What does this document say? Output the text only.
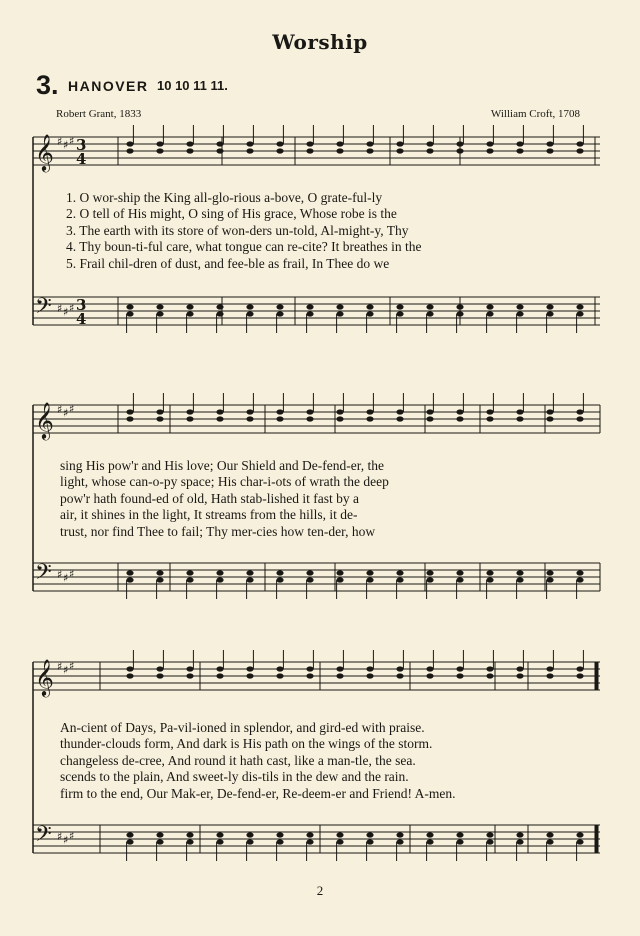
Worship
3. HANOVER 10 10 11 11.
Robert Grant, 1833	William Croft, 1708
𝄞 ♯ ♯ ♯
𝄢 ♯ ♯ ♯
𝄞 ♯ ♯ ♯
𝄢 ♯ ♯ ♯
𝄞 ♯ ♯ ♯
𝄢 ♯ ♯ ♯
3
3
4
4
1. O wor-ship the King all-glo-rious a-bove, O grate-ful-ly
2. O tell of His might, O sing of His grace, Whose robe is the
3. The earth with its store of won-ders un-told, Al-might-y, Thy
4. Thy boun-ti-ful care, what tongue can re-cite? It breathes in the
5. Frail chil-dren of dust, and fee-ble as frail, In Thee do we
sing His pow'r and His love; Our Shield and De-fend-er, the
light, whose can-o-py space; His char-i-ots of wrath the deep
pow'r hath found-ed of old, Hath stab-lished it fast by a
air, it shines in the light, It streams from the hills, it de-
trust, nor find Thee to fail; Thy mer-cies how ten-der, how
An-cient of Days, Pa-vil-ioned in splendor, and gird-ed with praise.
thunder-clouds form, And dark is His path on the wings of the storm.
changeless de-cree, And round it hath cast, like a man-tle, the sea.
scends to the plain, And sweet-ly dis-tils in the dew and the rain.
firm to the end, Our Mak-er, De-fend-er, Re-deem-er and Friend! A-men.
2
